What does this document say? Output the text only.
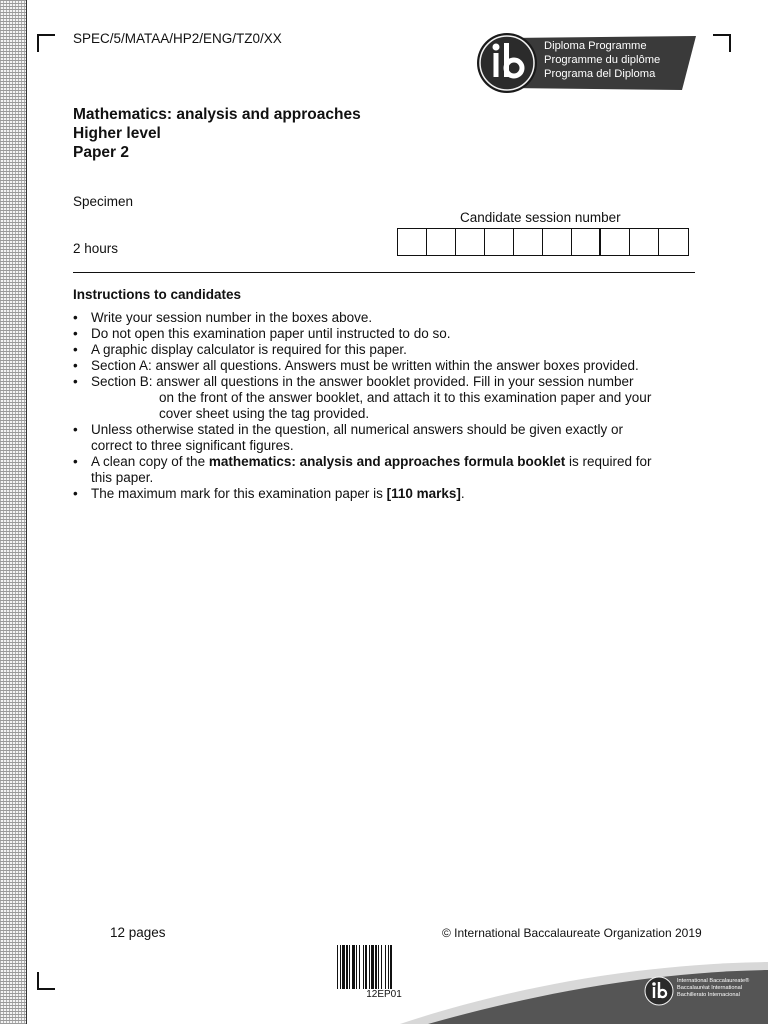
SPEC/5/MATAA/HP2/ENG/TZ0/XX	Diploma Programme
Programme du diplôme
Programa del Diploma
Mathematics: analysis and approaches
Higher level
Paper 2
Specimen
2 hours
Candidate session number
Instructions to candidates
• Write your session number in the boxes above.
• Do not open this examination paper until instructed to do so.
• A graphic display calculator is required for this paper.
• Section A: answer all questions. Answers must be written within the answer boxes provided.
• Section B: answer all questions in the answer booklet provided. Fill in your session number
on the front of the answer booklet, and attach it to this examination paper and your
cover sheet using the tag provided.
• Unless otherwise stated in the question, all numerical answers should be given exactly or
correct to three significant figures.
• A clean copy of the mathematics: analysis and approaches formula booklet is required for
this paper.
• The maximum mark for this examination paper is [110 marks].
12 pages	© International Baccalaureate Organization 2019
12EP01
International Baccalaureate®
Baccalauréat International
Bachillerato Internacional
